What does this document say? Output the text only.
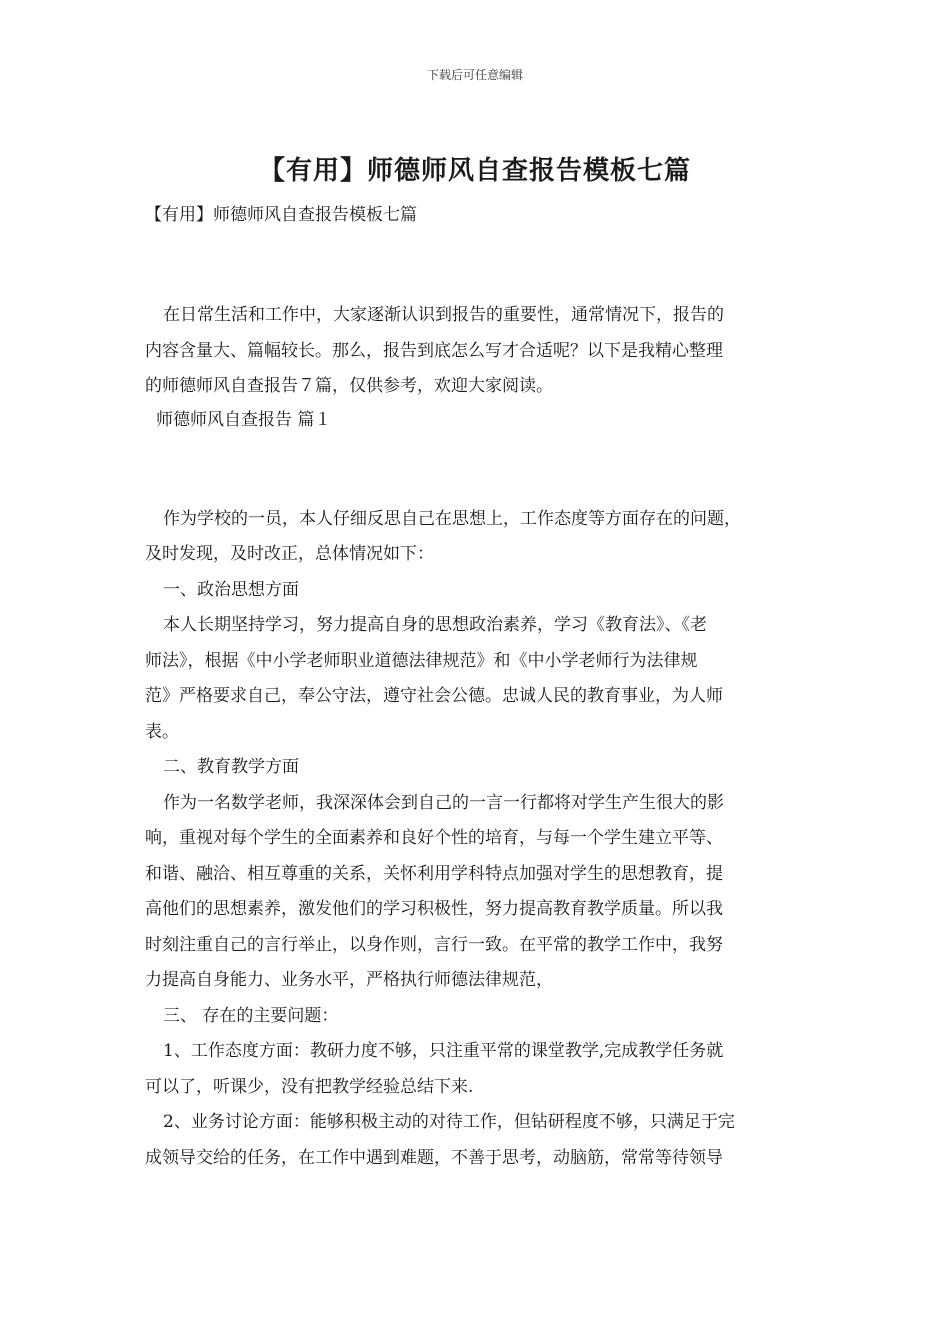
下载后可任意编辑
【有用】师德师风自查报告模板七篇
【有用】师德师风自查报告模板七篇
在日常生活和工作中，大家逐渐认识到报告的重要性，通常情况下，报告的
内容含量大、篇幅较长。那么，报告到底怎么写才合适呢？以下是我精心整理
的师德师风自查报告７篇，仅供参考，欢迎大家阅读。
师德师风自查报告 篇１
作为学校的一员，本人仔细反思自己在思想上，工作态度等方面存在的问题，
及时发现，及时改正，总体情况如下：
一、政治思想方面
本人长期坚持学习，努力提高自身的思想政治素养，学习《教育法》、《老
师法》，根据《中小学老师职业道德法律规范》和《中小学老师行为法律规
范》严格要求自己，奉公守法，遵守社会公德。忠诚人民的教育事业，为人师
表。
二、教育教学方面
作为一名数学老师，我深深体会到自己的一言一行都将对学生产生很大的影
响，重视对每个学生的全面素养和良好个性的培育，与每一个学生建立平等、
和谐、融洽、相互尊重的关系，关怀利用学科特点加强对学生的思想教育，提
高他们的思想素养，激发他们的学习积极性，努力提高教育教学质量。所以我
时刻注重自己的言行举止，以身作则，言行一致。在平常的教学工作中，我努
力提高自身能力、业务水平，严格执行师德法律规范，
三、 存在的主要问题：
1、工作态度方面：教研力度不够，只注重平常的课堂教学,完成教学任务就
可以了，听课少，没有把教学经验总结下来.
2、业务讨论方面：能够积极主动的对待工作，但钻研程度不够，只满足于完
成领导交给的任务，在工作中遇到难题，不善于思考，动脑筋，常常等待领导
